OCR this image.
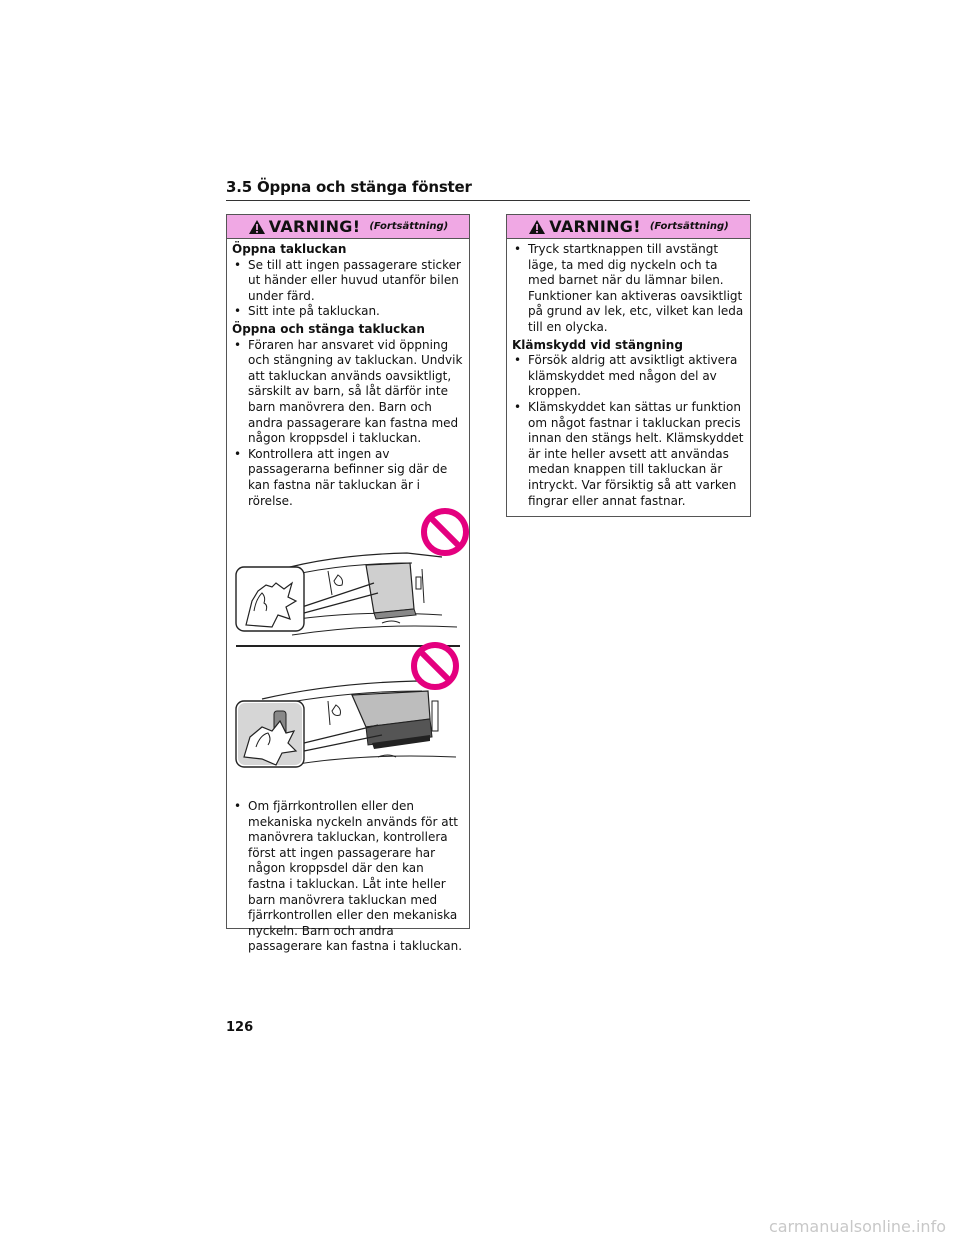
3.5 Öppna och stänga fönster
VARNING! (Fortsättning)
Öppna takluckan
• Se till att ingen passagerare sticker ut händer eller huvud utanför bilen under färd.
• Sitt inte på takluckan.
Öppna och stänga takluckan
• Föraren har ansvaret vid öppning och stängning av takluckan. Undvik att takluckan används oavsiktligt, särskilt av barn, så låt därför inte barn manövrera den. Barn och andra passagerare kan fastna med någon kroppsdel i takluckan.
• Kontrollera att ingen av passagerarna befinner sig där de kan fastna när takluckan är i rörelse.
• Om fjärrkontrollen eller den mekaniska nyckeln används för att manövrera takluckan, kontrollera först att ingen passagerare har någon kroppsdel där den kan fastna i takluckan. Låt inte heller barn manövrera takluckan med fjärrkontrollen eller den mekaniska nyckeln. Barn och andra passagerare kan fastna i takluckan.
VARNING! (Fortsättning)
• Tryck startknappen till avstängt läge, ta med dig nyckeln och ta med barnet när du lämnar bilen. Funktioner kan aktiveras oavsiktligt på grund av lek, etc, vilket kan leda till en olycka.
Klämskydd vid stängning
• Försök aldrig att avsiktligt aktivera klämskyddet med någon del av kroppen.
• Klämskyddet kan sättas ur funktion om något fastnar i takluckan precis innan den stängs helt. Klämskyddet är inte heller avsett att användas medan knappen till takluckan är intryckt. Var försiktig så att varken fingrar eller annat fastnar.
126
carmanualsonline.info
